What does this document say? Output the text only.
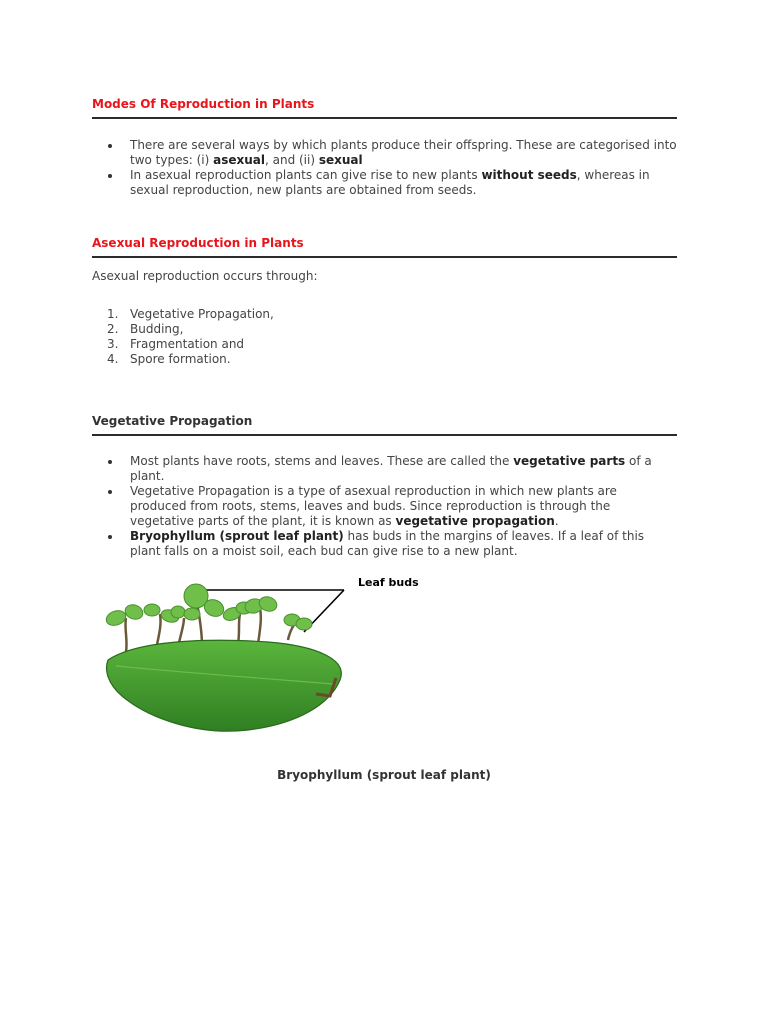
Modes Of Reproduction in Plants
There are several ways by which plants produce their offspring. These are categorised into two types: (i) asexual, and (ii) sexual
In asexual reproduction plants can give rise to new plants without seeds, whereas in sexual reproduction, new plants are obtained from seeds.
Asexual Reproduction in Plants
Asexual reproduction occurs through:
1. Vegetative Propagation,
2. Budding,
3. Fragmentation and
4. Spore formation.
Vegetative Propagation
Most plants have roots, stems and leaves. These are called the vegetative parts of a plant.
Vegetative Propagation is a type of asexual reproduction in which new plants are produced from roots, stems, leaves and buds. Since reproduction is through the vegetative parts of the plant, it is known as vegetative propagation.
Bryophyllum (sprout leaf plant) has buds in the margins of leaves. If a leaf of this plant falls on a moist soil, each bud can give rise to a new plant.
Leaf buds
Bryophyllum (sprout leaf plant)
